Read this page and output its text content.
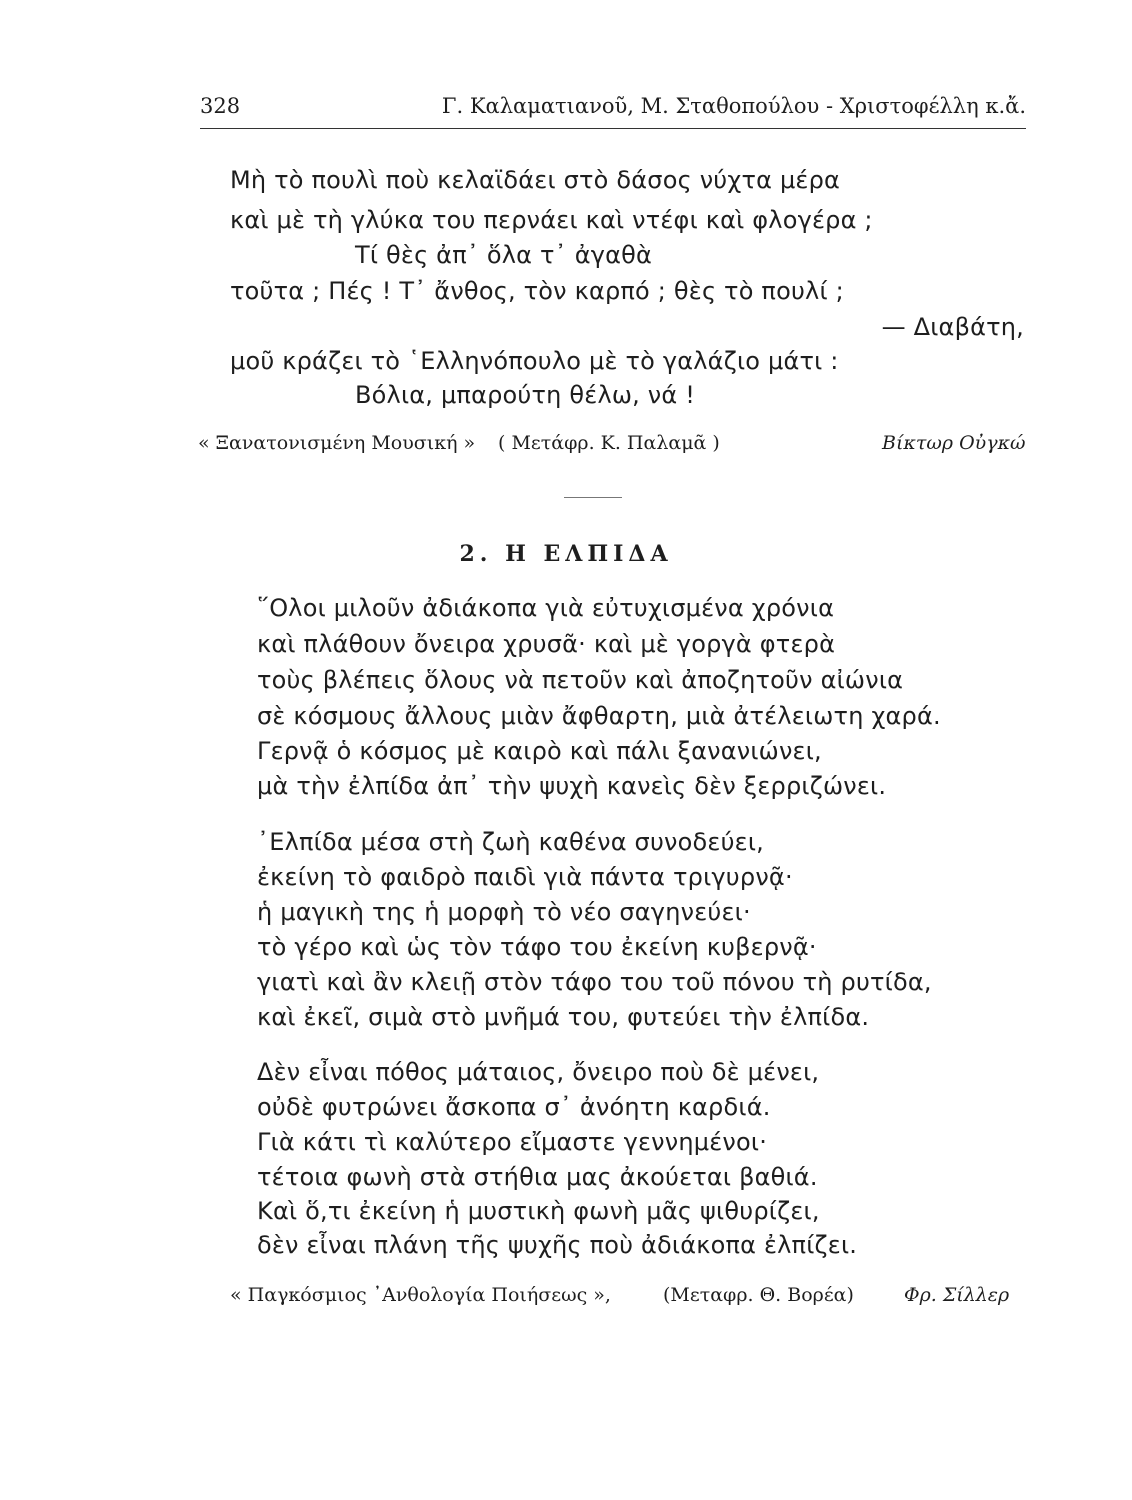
328	Γ. Καλαματιανοῦ, Μ. Σταθοπούλου - Χριστοφέλλη κ.ἄ.
Μὴ τὸ πουλὶ ποὺ κελαϊδάει στὸ δάσος νύχτα μέρα
καὶ μὲ τὴ γλύκα του περνάει καὶ ντέφι καὶ φλογέρα ;
Τί θὲς ἀπ᾽ ὅλα τ᾽ ἀγαθὰ
τοῦτα ; Πές ! Τ᾽ ἄνθος, τὸν καρπό ; θὲς τὸ πουλί ;
— Διαβάτη,
μοῦ κράζει τὸ ῾Ελληνόπουλο μὲ τὸ γαλάζιο μάτι :
Βόλια, μπαρούτη θέλω, νά !
« Ξανατονισμένη Μουσική » ( Μετάφρ. Κ. Παλαμᾶ )	Βίκτωρ Οὐγκώ
2. Η ΕΛΠΙΔΑ
῞Ολοι μιλοῦν ἀδιάκοπα γιὰ εὐτυχισμένα χρόνια
καὶ πλάθουν ὄνειρα χρυσᾶ· καὶ μὲ γοργὰ φτερὰ
τοὺς βλέπεις ὅλους νὰ πετοῦν καὶ ἀποζητοῦν αἰώνια
σὲ κόσμους ἄλλους μιὰν ἄφθαρτη, μιὰ ἀτέλειωτη χαρά.
Γερνᾷ ὁ κόσμος μὲ καιρὸ καὶ πάλι ξανανιώνει,
μὰ τὴν ἐλπίδα ἀπ᾽ τὴν ψυχὴ κανεὶς δὲν ξερριζώνει.
᾽Ελπίδα μέσα στὴ ζωὴ καθένα συνοδεύει,
ἐκείνη τὸ φαιδρὸ παιδὶ γιὰ πάντα τριγυρνᾷ·
ἡ μαγικὴ της ἡ μορφὴ τὸ νέο σαγηνεύει·
τὸ γέρο καὶ ὡς τὸν τάφο του ἐκείνη κυβερνᾷ·
γιατὶ καὶ ἂν κλειῇ στὸν τάφο του τοῦ πόνου τὴ ρυτίδα,
καὶ ἐκεῖ, σιμὰ στὸ μνῆμά του, φυτεύει τὴν ἐλπίδα.
Δὲν εἶναι πόθος μάταιος, ὄνειρο ποὺ δὲ μένει,
οὐδὲ φυτρώνει ἄσκοπα σ᾽ ἀνόητη καρδιά.
Γιὰ κάτι τὶ καλύτερο εἴμαστε γεννημένοι·
τέτοια φωνὴ στὰ στήθια μας ἀκούεται βαθιά.
Καὶ ὅ,τι ἐκείνη ἡ μυστικὴ φωνὴ μᾶς ψιθυρίζει,
δὲν εἶναι πλάνη τῆς ψυχῆς ποὺ ἀδιάκοπα ἐλπίζει.
« Παγκόσμιος ᾽Ανθολογία Ποιήσεως »,	(Μεταφρ. Θ. Βορέα)	Φρ. Σίλλερ
